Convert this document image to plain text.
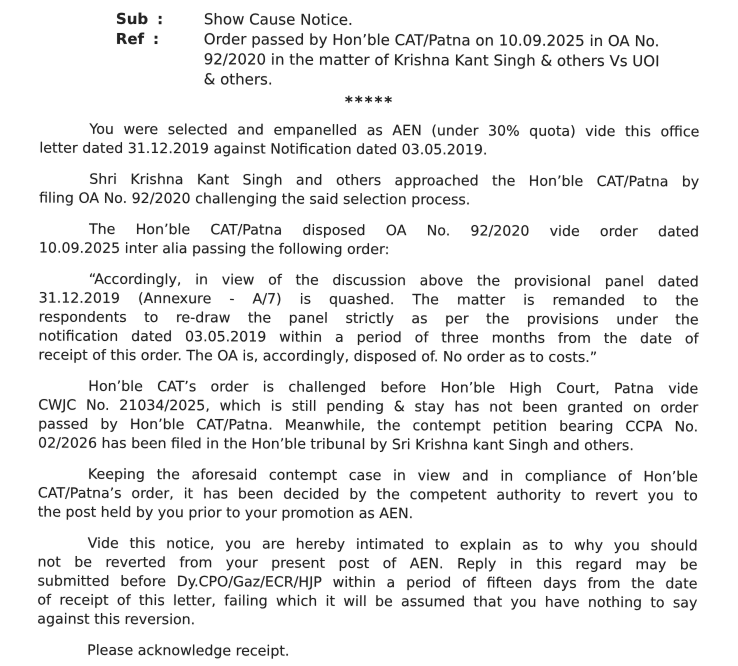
Sub :	Show Cause Notice.
Ref :	Order passed by Hon’ble CAT/Patna on 10.09.2025 in OA No.
92/2020 in the matter of Krishna Kant Singh & others Vs UOI
& others.
*****
You were selected and empanelled as AEN (under 30% quota) vide this office
letter dated 31.12.2019 against Notification dated 03.05.2019.
Shri Krishna Kant Singh and others approached the Hon’ble CAT/Patna by
filing OA No. 92/2020 challenging the said selection process.
The Hon’ble CAT/Patna disposed OA No. 92/2020 vide order dated
10.09.2025 inter alia passing the following order:
“Accordingly, in view of the discussion above the provisional panel dated
31.12.2019 (Annexure - A/7) is quashed. The matter is remanded to the
respondents to re-draw the panel strictly as per the provisions under the
notification dated 03.05.2019 within a period of three months from the date of
receipt of this order. The OA is, accordingly, disposed of. No order as to costs.”
Hon’ble CAT’s order is challenged before Hon’ble High Court, Patna vide
CWJC No. 21034/2025, which is still pending & stay has not been granted on order
passed by Hon’ble CAT/Patna. Meanwhile, the contempt petition bearing CCPA No.
02/2026 has been filed in the Hon’ble tribunal by Sri Krishna kant Singh and others.
Keeping the aforesaid contempt case in view and in compliance of Hon’ble
CAT/Patna’s order, it has been decided by the competent authority to revert you to
the post held by you prior to your promotion as AEN.
Vide this notice, you are hereby intimated to explain as to why you should
not be reverted from your present post of AEN. Reply in this regard may be
submitted before Dy.CPO/Gaz/ECR/HJP within a period of fifteen days from the date
of receipt of this letter, failing which it will be assumed that you have nothing to say
against this reversion.
Please acknowledge receipt.
